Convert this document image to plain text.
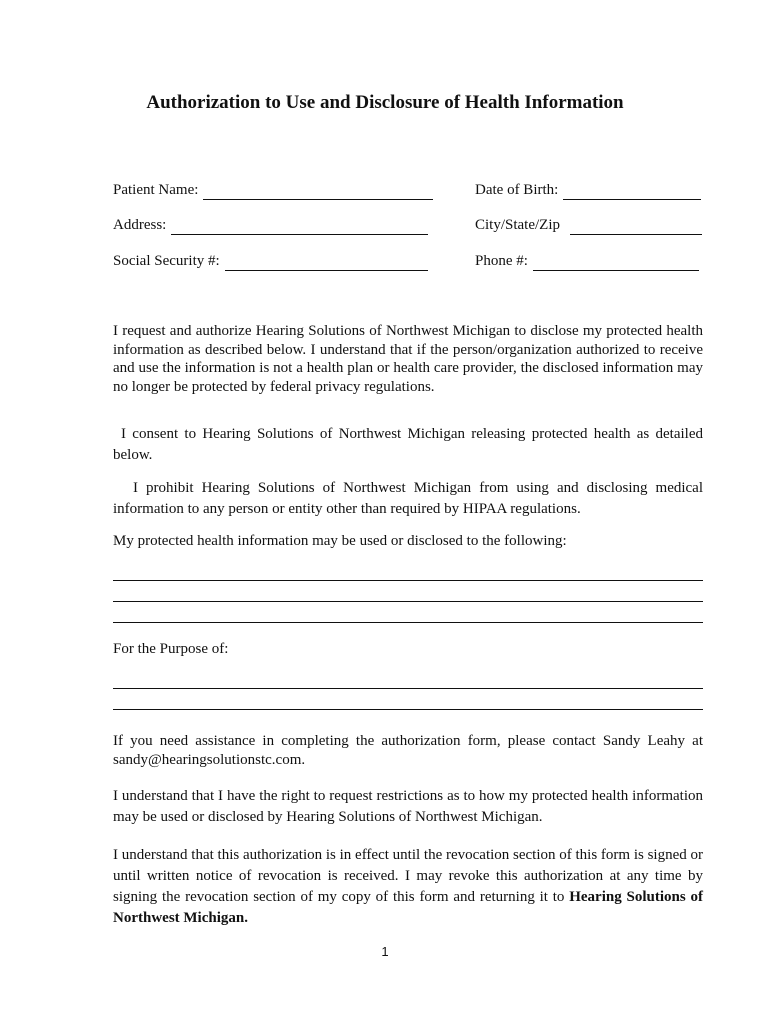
Authorization to Use and Disclosure of Health Information
Patient Name:	Date of Birth:
Address:	City/State/Zip
Social Security #:	Phone #:

I request and authorize Hearing Solutions of Northwest Michigan to disclose my protected health information as described below. I understand that if the person/organization authorized to receive and use the information is not a health plan or health care provider, the disclosed information may no longer be protected by federal privacy regulations.

I consent to Hearing Solutions of Northwest Michigan releasing protected health as detailed below.

I prohibit Hearing Solutions of Northwest Michigan from using and disclosing medical information to any person or entity other than required by HIPAA regulations.

My protected health information may be used or disclosed to the following:

For the Purpose of:

If you need assistance in completing the authorization form, please contact Sandy Leahy at sandy@hearingsolutionstc.com.

I understand that I have the right to request restrictions as to how my protected health information may be used or disclosed by Hearing Solutions of Northwest Michigan.

I understand that this authorization is in effect until the revocation section of this form is signed or until written notice of revocation is received. I may revoke this authorization at any time by signing the revocation section of my copy of this form and returning it to Hearing Solutions of Northwest Michigan.

1
